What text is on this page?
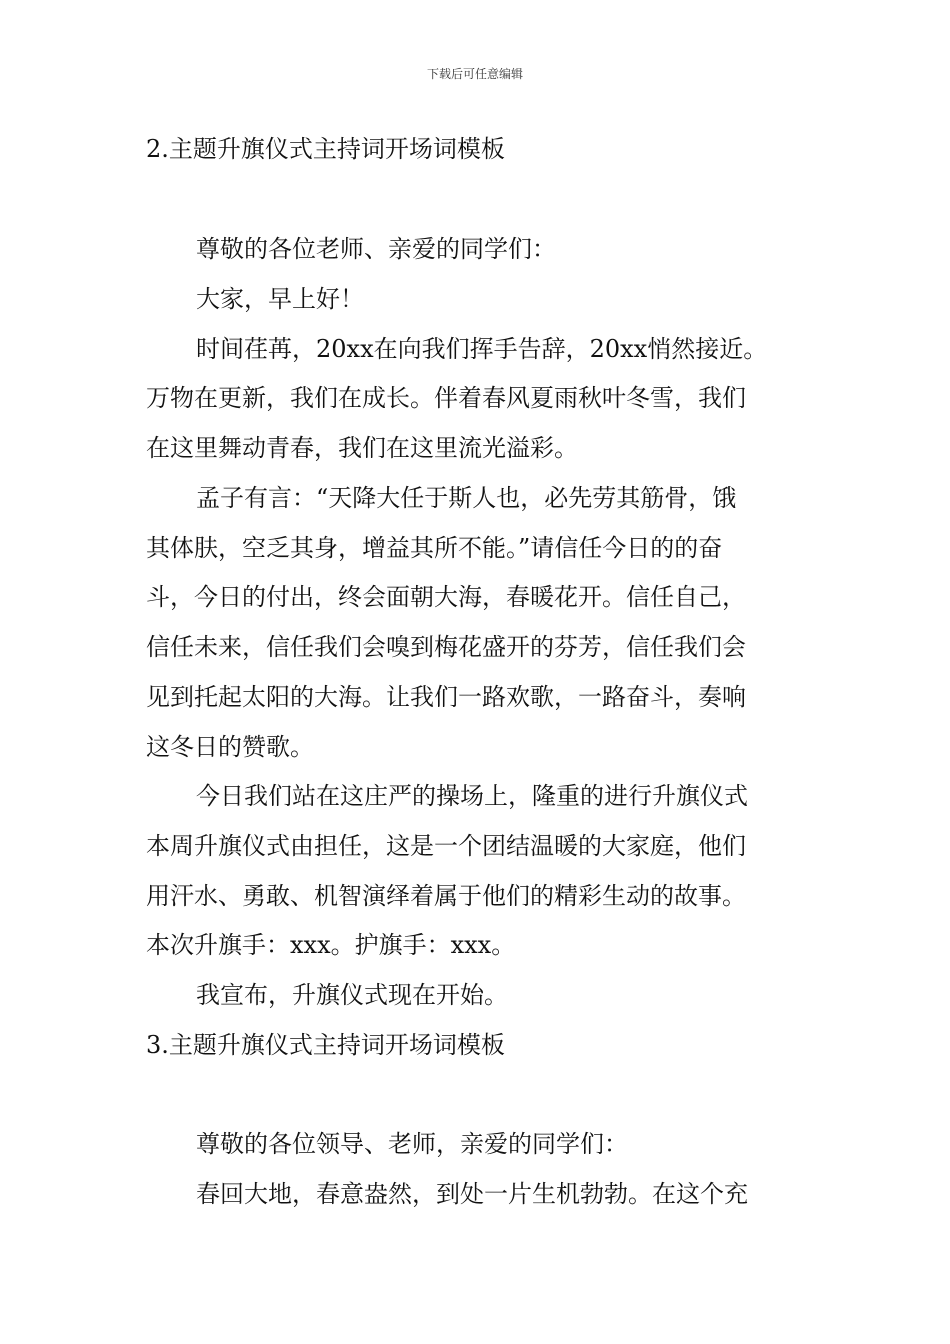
下载后可任意编辑
2.主题升旗仪式主持词开场词模板
尊敬的各位老师、亲爱的同学们：
大家，早上好！
时间荏苒，20xx在向我们挥手告辞，20xx悄然接近。
万物在更新，我们在成长。伴着春风夏雨秋叶冬雪，我们
在这里舞动青春，我们在这里流光溢彩。
孟子有言：“天降大任于斯人也，必先劳其筋骨，饿
其体肤，空乏其身，增益其所不能。”请信任今日的的奋
斗，今日的付出，终会面朝大海，春暖花开。信任自己，
信任未来，信任我们会嗅到梅花盛开的芬芳，信任我们会
见到托起太阳的大海。让我们一路欢歌，一路奋斗，奏响
这冬日的赞歌。
今日我们站在这庄严的操场上，隆重的进行升旗仪式
本周升旗仪式由担任，这是一个团结温暖的大家庭，他们
用汗水、勇敢、机智演绎着属于他们的精彩生动的故事。
本次升旗手：xxx。护旗手：xxx。
我宣布，升旗仪式现在开始。
3.主题升旗仪式主持词开场词模板
尊敬的各位领导、老师，亲爱的同学们：
春回大地，春意盎然，到处一片生机勃勃。在这个充
